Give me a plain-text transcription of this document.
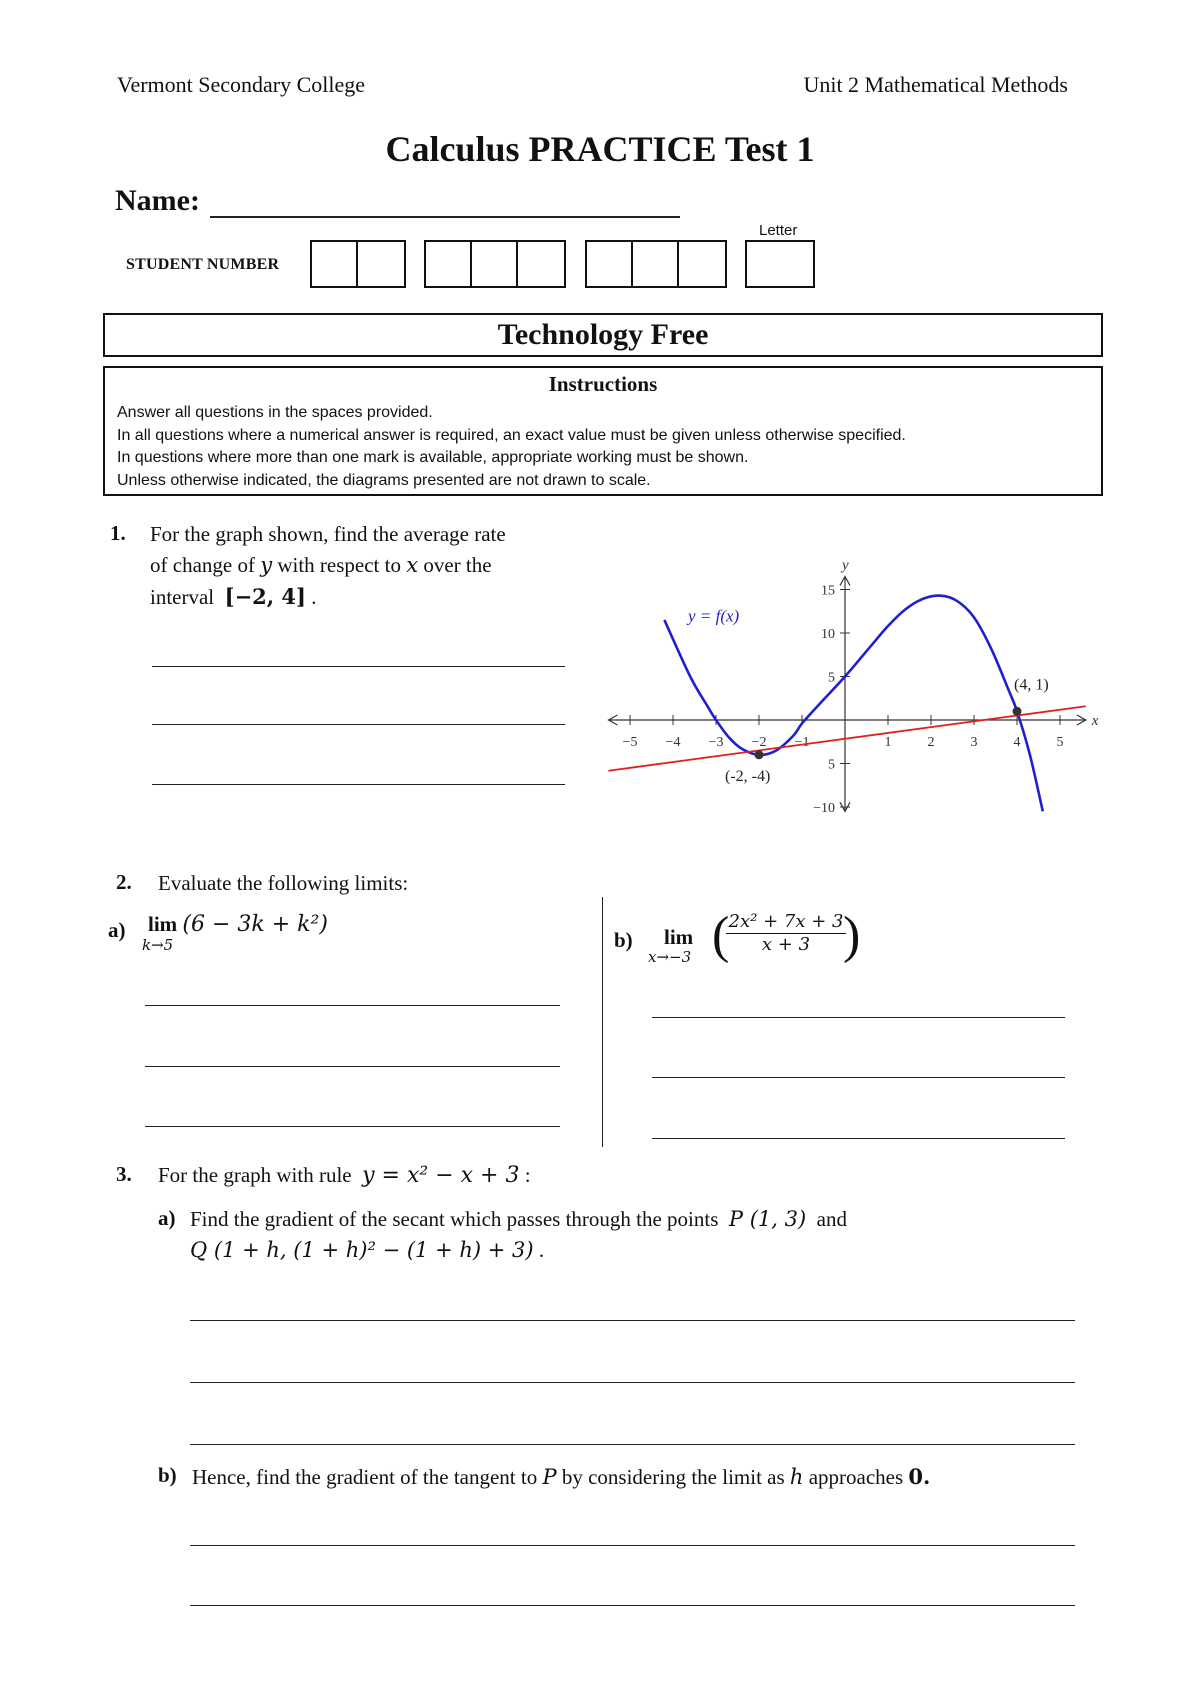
Vermont Secondary College	Unit 2 Mathematical Methods
Calculus PRACTICE Test 1
Name:
Letter
STUDENT NUMBER
Technology Free
Instructions
Answer all questions in the spaces provided.
In all questions where a numerical answer is required, an exact value must be given unless otherwise specified.
In questions where more than one mark is available, appropriate working must be shown.
Unless otherwise indicated, the diagrams presented are not drawn to scale.
1. For the graph shown, find the average rate
of change of y with respect to x over the
interval [−2, 4] .
−5 −4 −3 −2 −1	1	2	3	4	5
−10
5
5
10
15
x
y
(-2, -4)
(4, 1)
y = f(x)
2. Evaluate the following limits:
a) lim (6 − 3k + k²)
k→5	b) lim
x→−3 (
$\frac{\text{2x² + 7x + 3}}{x + 3}$
)
3. For the graph with rule y = x² − x + 3 :
a) Find the gradient of the secant which passes through the points P (1, 3) and
Q (1 + h, (1 + h)² − (1 + h) + 3) .
b) Hence, find the gradient of the tangent to P by considering the limit as h approaches 0.
